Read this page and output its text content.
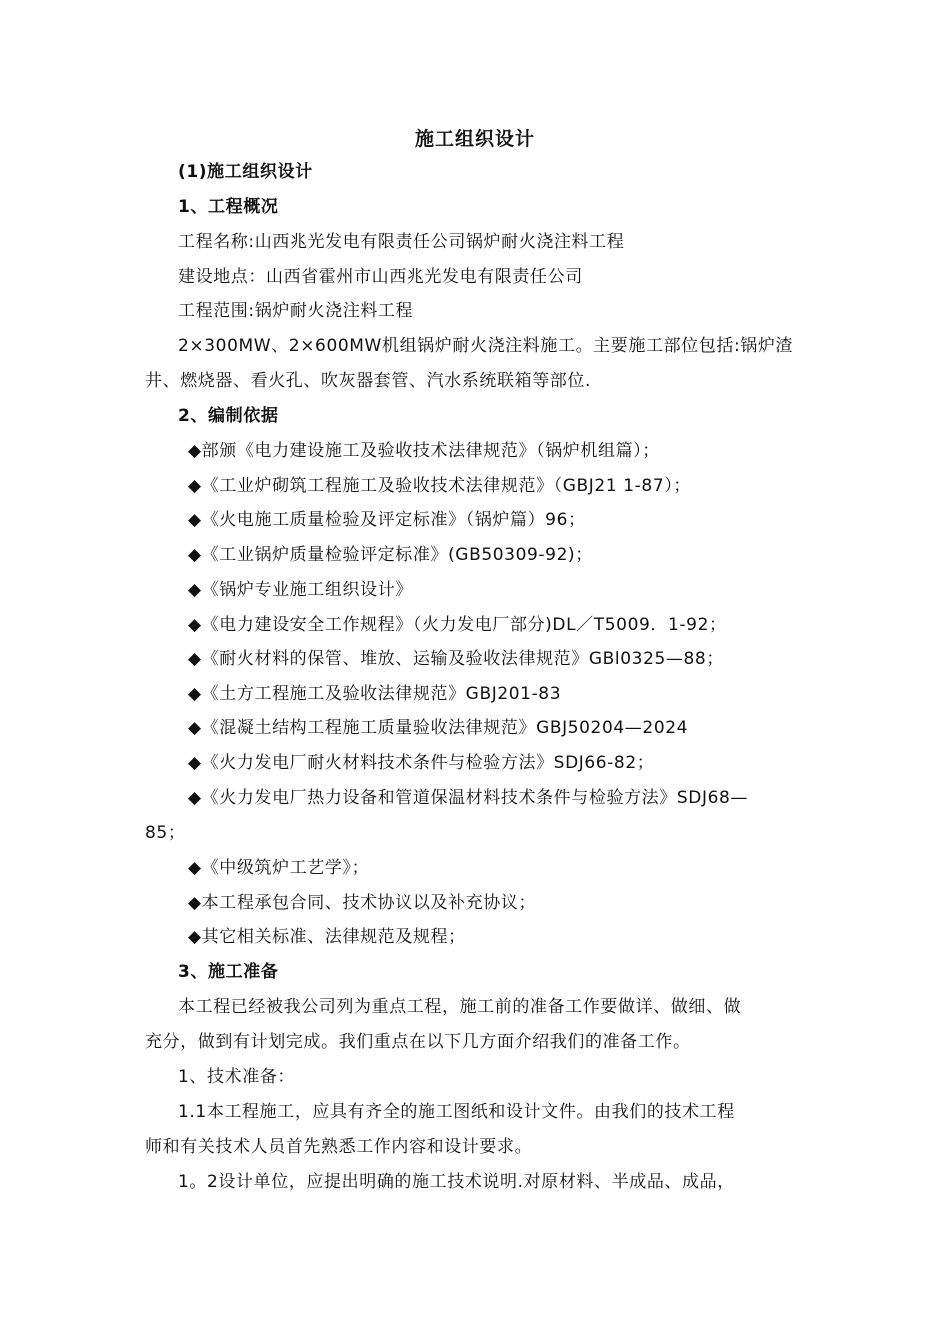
施工组织设计
(1)施工组织设计
1、工程概况
工程名称:山西兆光发电有限责任公司锅炉耐火浇注料工程
建设地点：山西省霍州市山西兆光发电有限责任公司
工程范围:锅炉耐火浇注料工程
2×300MW、2×600MW机组锅炉耐火浇注料施工。主要施工部位包括:锅炉渣
井、燃烧器、看火孔、吹灰器套管、汽水系统联箱等部位.
2、编制依据
◆部颁《电力建设施工及验收技术法律规范》（锅炉机组篇）；
◆《工业炉砌筑工程施工及验收技术法律规范》（GBJ21 1-87）；
◆《火电施工质量检验及评定标准》（锅炉篇）96；
◆《工业锅炉质量检验评定标准》(GB50309-92)；
◆《锅炉专业施工组织设计》
◆《电力建设安全工作规程》（火力发电厂部分)DL／T5009．1-92；
◆《耐火材料的保管、堆放、运输及验收法律规范》GBl0325—88；
◆《土方工程施工及验收法律规范》GBJ201-83
◆《混凝土结构工程施工质量验收法律规范》GBJ50204—2024
◆《火力发电厂耐火材料技术条件与检验方法》SDJ66-82；
◆《火力发电厂热力设备和管道保温材料技术条件与检验方法》SDJ68—
85；
◆《中级筑炉工艺学》；
◆本工程承包合同、技术协议以及补充协议；
◆其它相关标准、法律规范及规程；
3、施工准备
本工程已经被我公司列为重点工程，施工前的准备工作要做详、做细、做
充分，做到有计划完成。我们重点在以下几方面介绍我们的准备工作。
1、技术准备：
1.1本工程施工，应具有齐全的施工图纸和设计文件。由我们的技术工程
师和有关技术人员首先熟悉工作内容和设计要求。
1。2设计单位，应提出明确的施工技术说明.对原材料、半成品、成品，
